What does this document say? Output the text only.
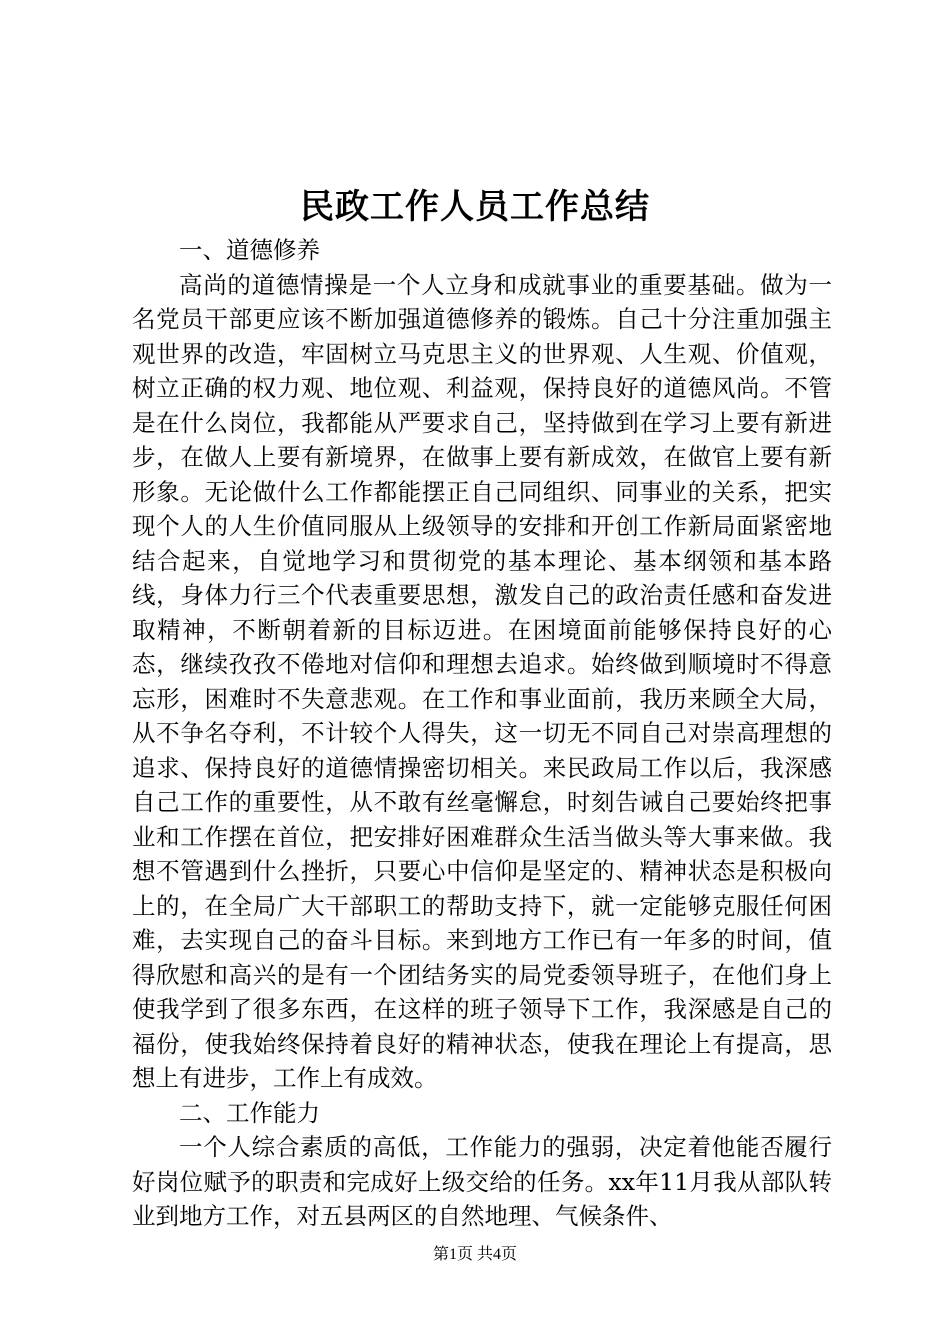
民政工作人员工作总结

一、道德修养

高尚的道德情操是一个人立身和成就事业的重要基础。做为一名党员干部更应该不断加强道德修养的锻炼。自己十分注重加强主观世界的改造，牢固树立马克思主义的世界观、人生观、价值观，树立正确的权力观、地位观、利益观，保持良好的道德风尚。不管是在什么岗位，我都能从严要求自己，坚持做到在学习上要有新进步，在做人上要有新境界，在做事上要有新成效，在做官上要有新形象。无论做什么工作都能摆正自己同组织、同事业的关系，把实现个人的人生价值同服从上级领导的安排和开创工作新局面紧密地结合起来，自觉地学习和贯彻党的基本理论、基本纲领和基本路线，身体力行三个代表重要思想，激发自己的政治责任感和奋发进取精神，不断朝着新的目标迈进。在困境面前能够保持良好的心态，继续孜孜不倦地对信仰和理想去追求。始终做到顺境时不得意忘形，困难时不失意悲观。在工作和事业面前，我历来顾全大局，从不争名夺利，不计较个人得失，这一切无不同自己对崇高理想的追求、保持良好的道德情操密切相关。来民政局工作以后，我深感自己工作的重要性，从不敢有丝毫懈怠，时刻告诫自己要始终把事业和工作摆在首位，把安排好困难群众生活当做头等大事来做。我想不管遇到什么挫折，只要心中信仰是坚定的、精神状态是积极向上的，在全局广大干部职工的帮助支持下，就一定能够克服任何困难，去实现自己的奋斗目标。来到地方工作已有一年多的时间，值得欣慰和高兴的是有一个团结务实的局党委领导班子，在他们身上使我学到了很多东西，在这样的班子领导下工作，我深感是自己的福份，使我始终保持着良好的精神状态，使我在理论上有提高，思想上有进步，工作上有成效。

二、工作能力

一个人综合素质的高低，工作能力的强弱，决定着他能否履行好岗位赋予的职责和完成好上级交给的任务。xx年11月我从部队转业到地方工作，对五县两区的自然地理、气候条件、

第1页 共4页
